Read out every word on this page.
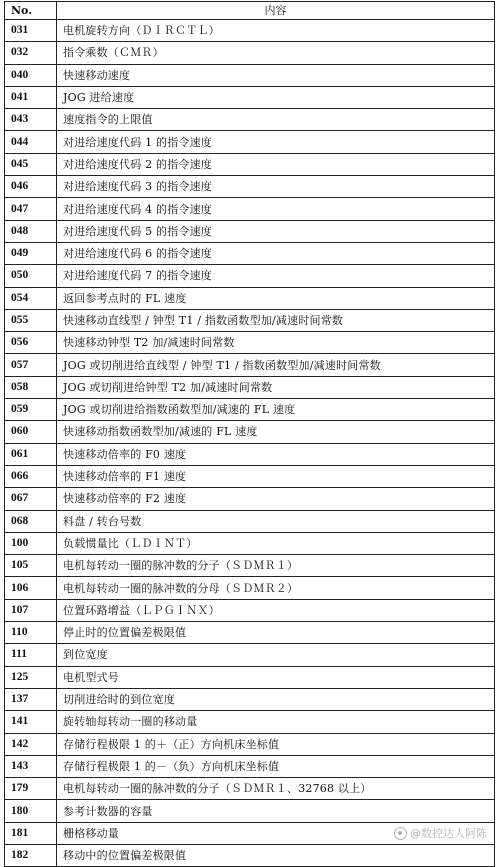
No.	内容
031	电机旋转方向（ＤＩＲＣＴＬ）
032	指令乘数（ＣＭＲ）
040	快速移动速度
041	JOG 进给速度
043	速度指令的上限值
044	对进给速度代码 1 的指令速度
045	对进给速度代码 2 的指令速度
046	对进给速度代码 3 的指令速度
047	对进给速度代码 4 的指令速度
048	对进给速度代码 5 的指令速度
049	对进给速度代码 6 的指令速度
050	对进给速度代码 7 的指令速度
054	返回参考点时的 FL 速度
055	快速移动直线型 / 钟型 T1 / 指数函数型加/减速时间常数
056	快速移动钟型 T2 加/减速时间常数
057	JOG 或切削进给直线型 / 钟型 T1 / 指数函数型加/减速时间常数
058	JOG 或切削进给钟型 T2 加/减速时间常数
059	JOG 或切削进给指数函数型加/减速的 FL 速度
060	快速移动指数函数型加/减速的 FL 速度
061	快速移动倍率的 F0 速度
066	快速移动倍率的 F1 速度
067	快速移动倍率的 F2 速度
068	料盘 / 转台号数
100	负载惯量比（ＬＤＩＮＴ）
105	电机每转动一圈的脉冲数的分子（ＳＤＭＲ１）
106	电机每转动一圈的脉冲数的分母（ＳＤＭＲ２）
107	位置环路增益（ＬＰＧＩＮＸ）
110	停止时的位置偏差极限值
111	到位宽度
125	电机型式号
137	切削进给时的到位宽度
141	旋转轴每转动一圈的移动量
142	存储行程极限 1 的＋（正）方向机床坐标值
143	存储行程极限 1 的－（负）方向机床坐标值
179	电机每转动一圈的脉冲数的分子（ＳＤＭＲ１、32768 以上）
180	参考计数器的容量
181	栅格移动量
182	移动中的位置偏差极限值
@数控达人阿陈
